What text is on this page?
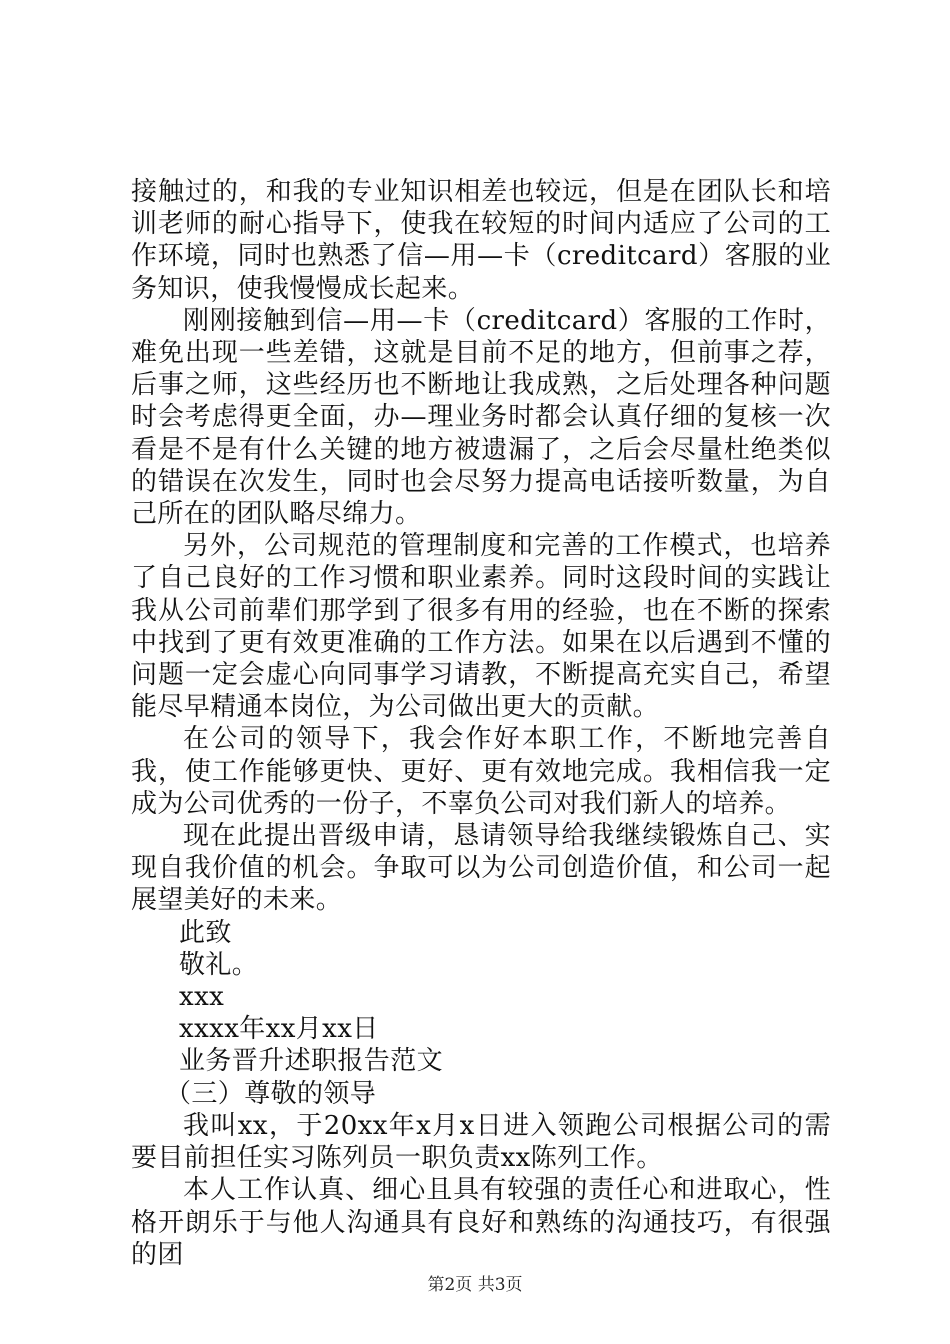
接触过的，和我的专业知识相差也较远，但是在团队长和培训老师的耐心指导下，使我在较短的时间内适应了公司的工作环境，同时也熟悉了信—用—卡（creditcard）客服的业务知识，使我慢慢成长起来。

刚刚接触到信—用—卡（creditcard）客服的工作时，难免出现一些差错，这就是目前不足的地方，但前事之荐，后事之师，这些经历也不断地让我成熟，之后处理各种问题时会考虑得更全面，办—理业务时都会认真仔细的复核一次看是不是有什么关键的地方被遗漏了，之后会尽量杜绝类似的错误在次发生，同时也会尽努力提高电话接听数量，为自己所在的团队略尽绵力。

另外，公司规范的管理制度和完善的工作模式，也培养了自己良好的工作习惯和职业素养。同时这段时间的实践让我从公司前辈们那学到了很多有用的经验，也在不断的探索中找到了更有效更准确的工作方法。如果在以后遇到不懂的问题一定会虚心向同事学习请教，不断提高充实自己，希望能尽早精通本岗位，为公司做出更大的贡献。

在公司的领导下，我会作好本职工作，不断地完善自我，使工作能够更快、更好、更有效地完成。我相信我一定成为公司优秀的一份子，不辜负公司对我们新人的培养。

现在此提出晋级申请，恳请领导给我继续锻炼自己、实现自我价值的机会。争取可以为公司创造价值，和公司一起展望美好的未来。

此致

敬礼。

xxx

xxxx年xx月xx日

业务晋升述职报告范文

（三）尊敬的领导

我叫xx，于20xx年x月x日进入领跑公司根据公司的需要目前担任实习陈列员一职负责xx陈列工作。

本人工作认真、细心且具有较强的责任心和进取心，性格开朗乐于与他人沟通具有良好和熟练的沟通技巧，有很强的团

第2页 共3页
